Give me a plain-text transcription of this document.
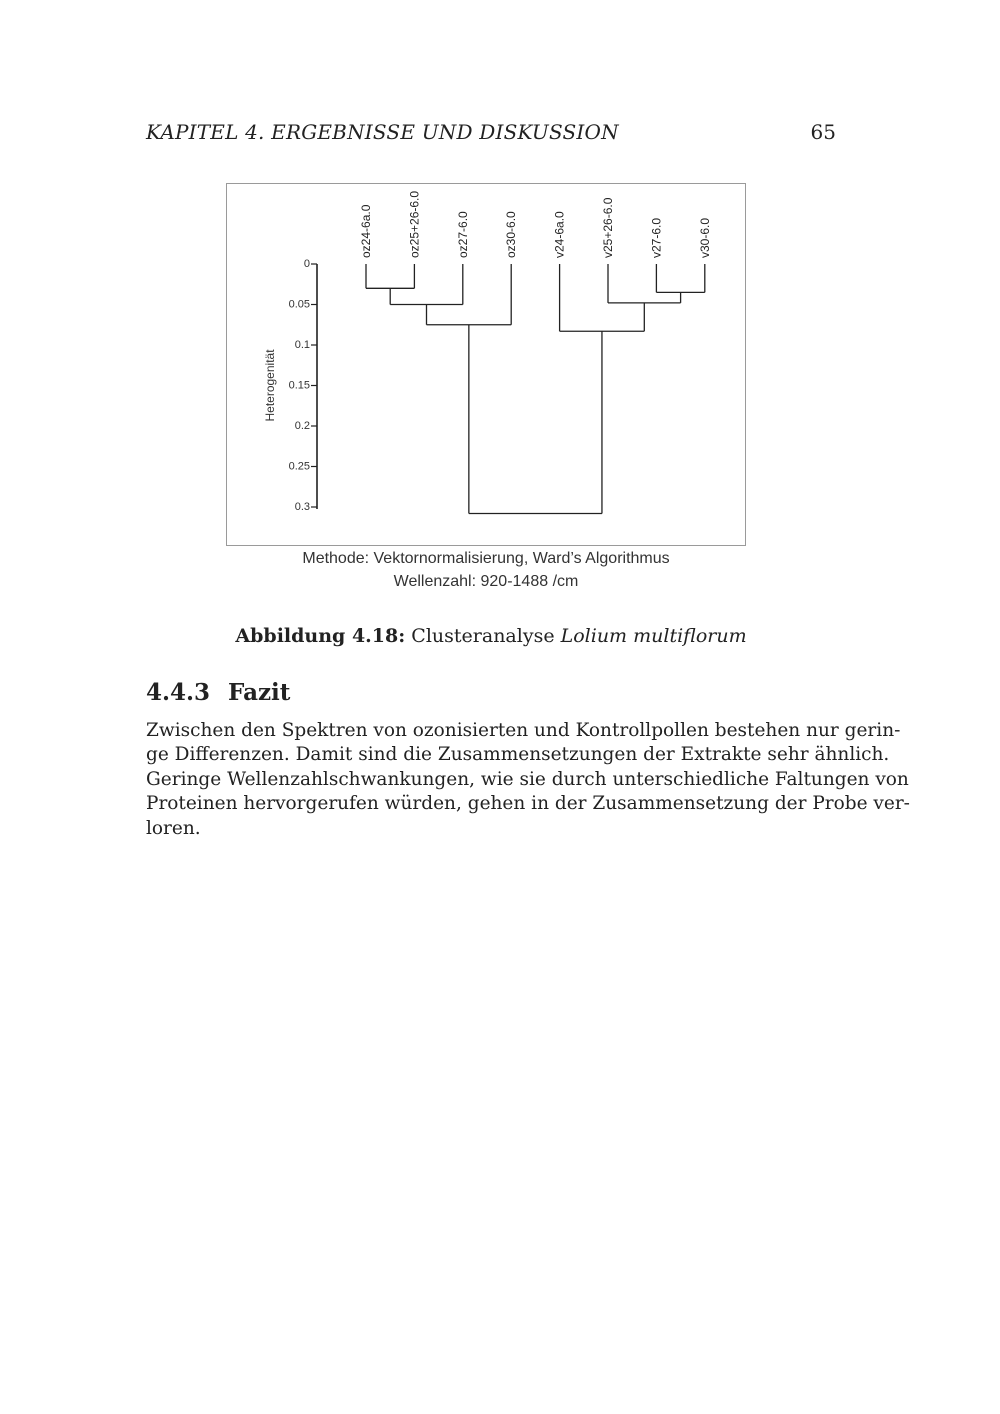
KAPITEL 4. ERGEBNISSE UND DISKUSSION	65
0
0.05
0.1
0.15
0.2
0.25
0.3
Heterogenität
oz24-6a.0	oz25+26-6.0	oz27-6.0	oz30-6.0	v24-6a.0	v25+26-6.0	v27-6.0	v30-6.0
Methode: Vektornormalisierung, Ward’s Algorithmus
Wellenzahl: 920-1488 /cm
Abbildung 4.18: Clusteranalyse Lolium multiflorum
4.4.3 Fazit
Zwischen den Spektren von ozonisierten und Kontrollpollen bestehen nur gerin-
ge Differenzen. Damit sind die Zusammensetzungen der Extrakte sehr ähnlich.
Geringe Wellenzahlschwankungen, wie sie durch unterschiedliche Faltungen von
Proteinen hervorgerufen würden, gehen in der Zusammensetzung der Probe ver-
loren.
